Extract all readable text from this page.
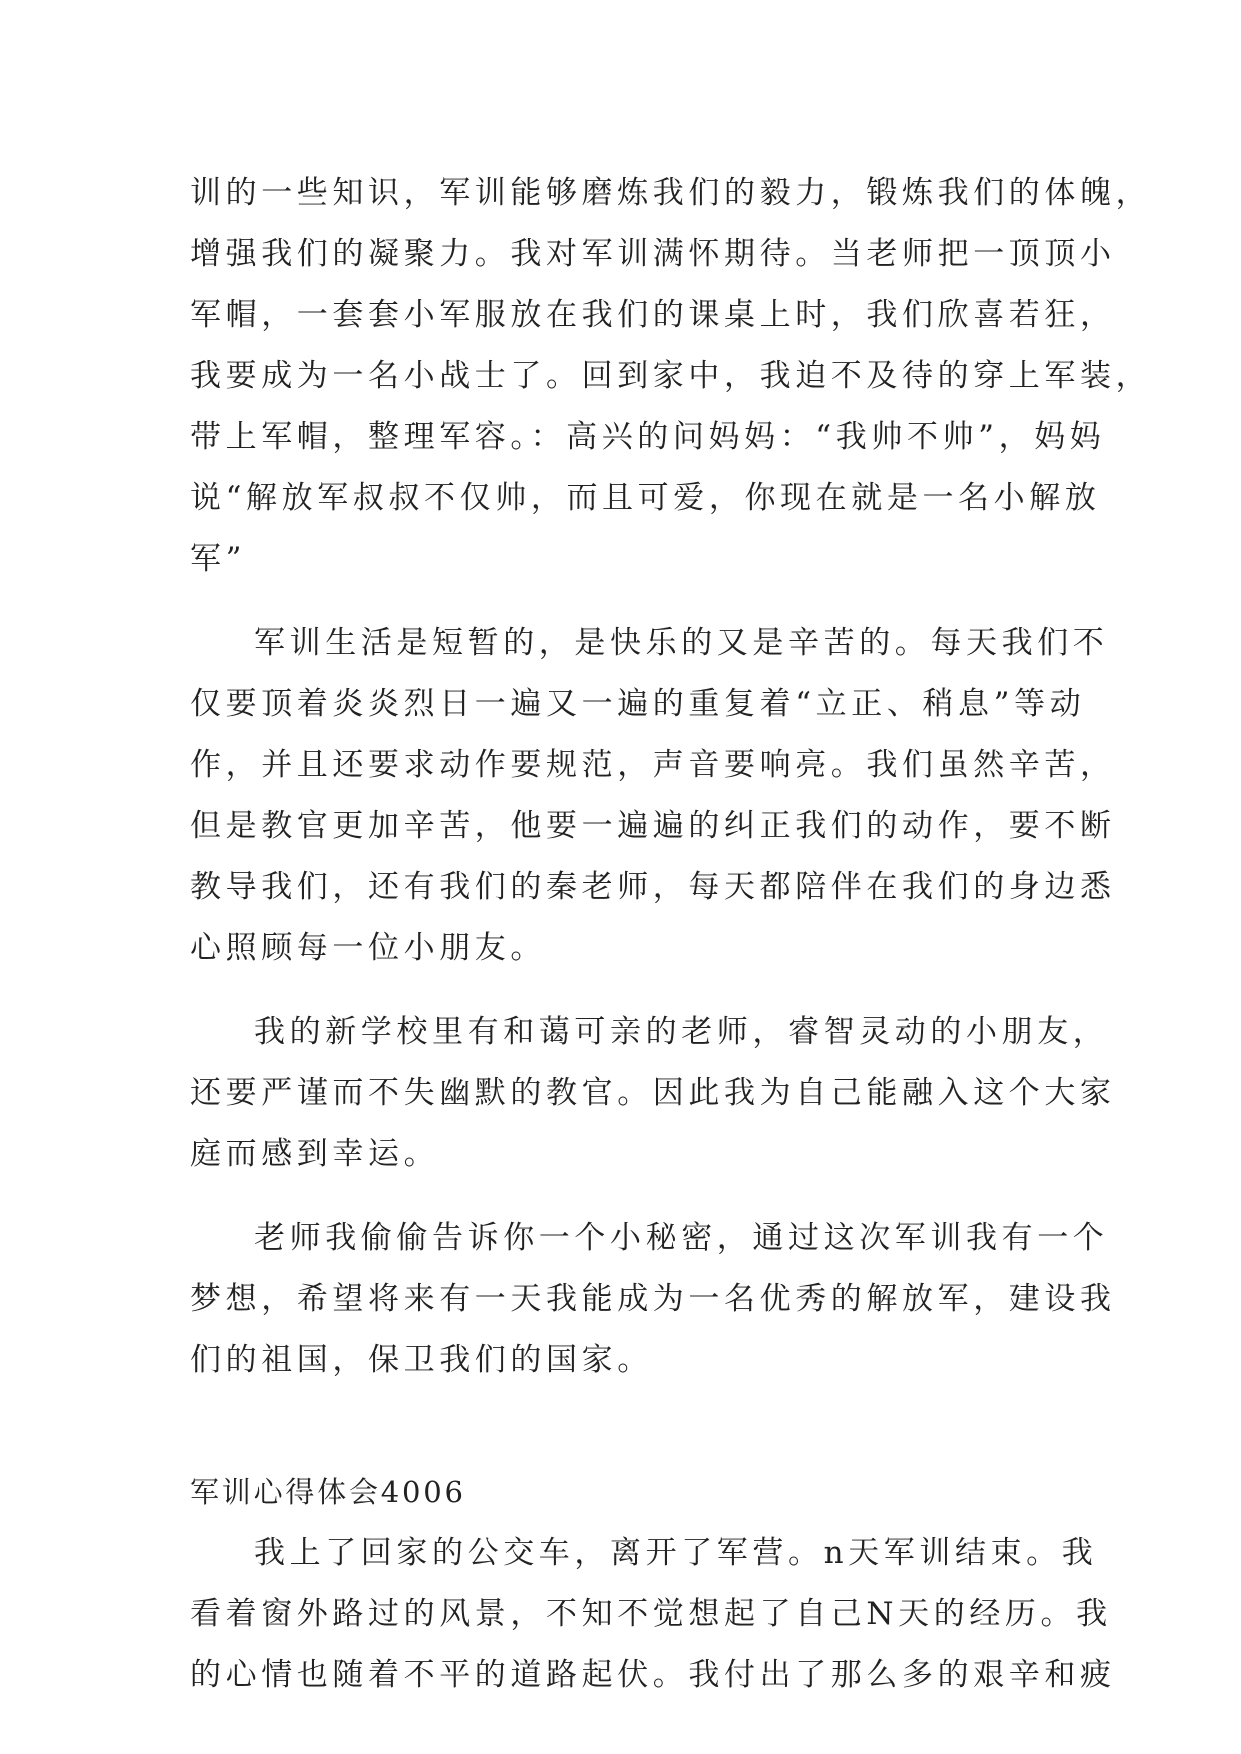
训的一些知识，军训能够磨炼我们的毅力，锻炼我们的体魄，
增强我们的凝聚力。我对军训满怀期待。当老师把一顶顶小
军帽，一套套小军服放在我们的课桌上时，我们欣喜若狂，
我要成为一名小战士了。回到家中，我迫不及待的穿上军装，
带上军帽，整理军容。：高兴的问妈妈：“我帅不帅”，妈妈
说“解放军叔叔不仅帅，而且可爱，你现在就是一名小解放
军”
军训生活是短暂的，是快乐的又是辛苦的。每天我们不
仅要顶着炎炎烈日一遍又一遍的重复着“立正、稍息”等动
作，并且还要求动作要规范，声音要响亮。我们虽然辛苦，
但是教官更加辛苦，他要一遍遍的纠正我们的动作，要不断
教导我们，还有我们的秦老师，每天都陪伴在我们的身边悉
心照顾每一位小朋友。
我的新学校里有和蔼可亲的老师，睿智灵动的小朋友，
还要严谨而不失幽默的教官。因此我为自己能融入这个大家
庭而感到幸运。
老师我偷偷告诉你一个小秘密，通过这次军训我有一个
梦想，希望将来有一天我能成为一名优秀的解放军，建设我
们的祖国，保卫我们的国家。
军训心得体会4006
我上了回家的公交车，离开了军营。n天军训结束。我
看着窗外路过的风景，不知不觉想起了自己N天的经历。我
的心情也随着不平的道路起伏。我付出了那么多的艰辛和疲
